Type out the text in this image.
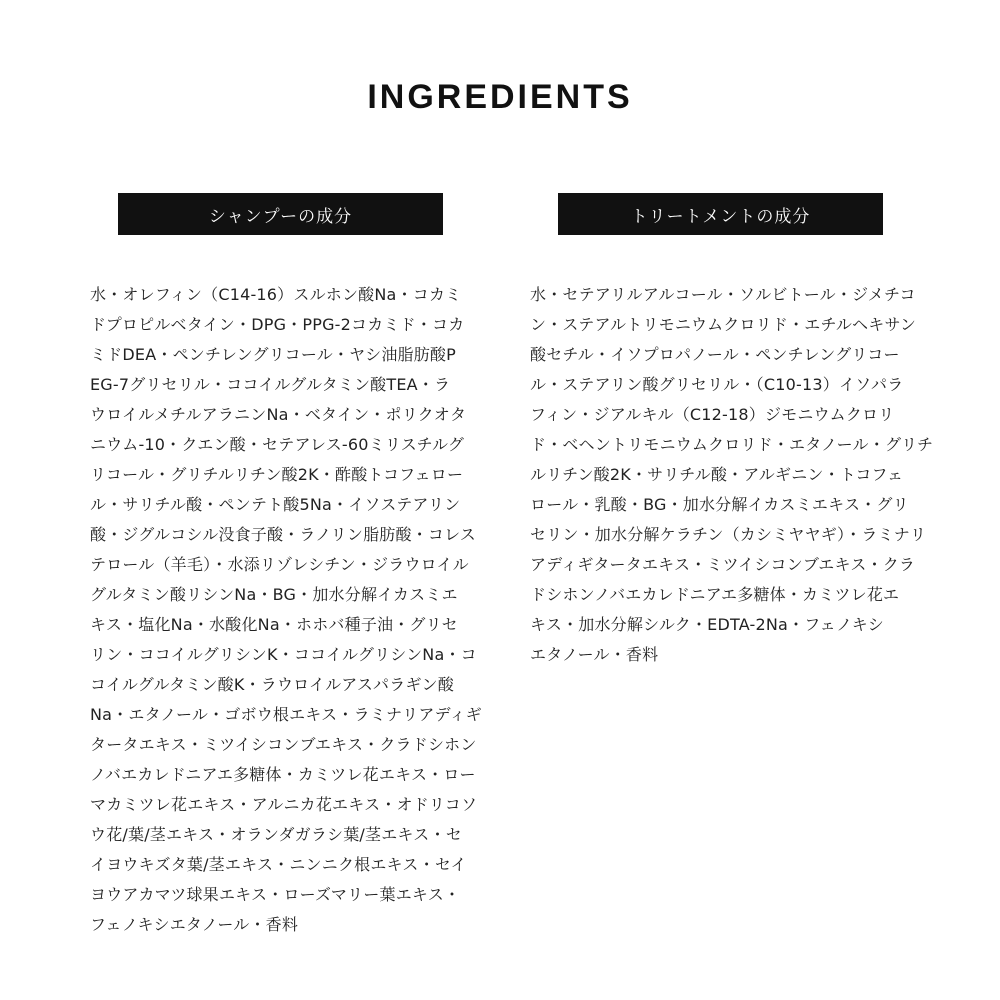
INGREDIENTS
シャンプーの成分
水・オレフィン（C14-16）スルホン酸Na・コカミ
ドプロピルベタイン・DPG・PPG-2コカミド・コカ
ミドDEA・ペンチレングリコール・ヤシ油脂肪酸P
EG-7グリセリル・ココイルグルタミン酸TEA・ラ
ウロイルメチルアラニンNa・ベタイン・ポリクオタ
ニウム-10・クエン酸・セテアレス-60ミリスチルグ
リコール・グリチルリチン酸2K・酢酸トコフェロー
ル・サリチル酸・ペンテト酸5Na・イソステアリン
酸・ジグルコシル没食子酸・ラノリン脂肪酸・コレス
テロール（羊毛）・水添リゾレシチン・ジラウロイル
グルタミン酸リシンNa・BG・加水分解イカスミエ
キス・塩化Na・水酸化Na・ホホバ種子油・グリセ
リン・ココイルグリシンK・ココイルグリシンNa・コ
コイルグルタミン酸K・ラウロイルアスパラギン酸
Na・エタノール・ゴボウ根エキス・ラミナリアディギ
タータエキス・ミツイシコンブエキス・クラドシホン
ノバエカレドニアエ多糖体・カミツレ花エキス・ロー
マカミツレ花エキス・アルニカ花エキス・オドリコソ
ウ花/葉/茎エキス・オランダガラシ葉/茎エキス・セ
イヨウキズタ葉/茎エキス・ニンニク根エキス・セイ
ヨウアカマツ球果エキス・ローズマリー葉エキス・
フェノキシエタノール・香料
トリートメントの成分
水・セテアリルアルコール・ソルビトール・ジメチコ
ン・ステアルトリモニウムクロリド・エチルヘキサン
酸セチル・イソプロパノール・ペンチレングリコー
ル・ステアリン酸グリセリル・（C10-13）イソパラ
フィン・ジアルキル（C12-18）ジモニウムクロリ
ド・ベヘントリモニウムクロリド・エタノール・グリチ
ルリチン酸2K・サリチル酸・アルギニン・トコフェ
ロール・乳酸・BG・加水分解イカスミエキス・グリ
セリン・加水分解ケラチン（カシミヤヤギ）・ラミナリ
アディギタータエキス・ミツイシコンブエキス・クラ
ドシホンノバエカレドニアエ多糖体・カミツレ花エ
キス・加水分解シルク・EDTA-2Na・フェノキシ
エタノール・香料
